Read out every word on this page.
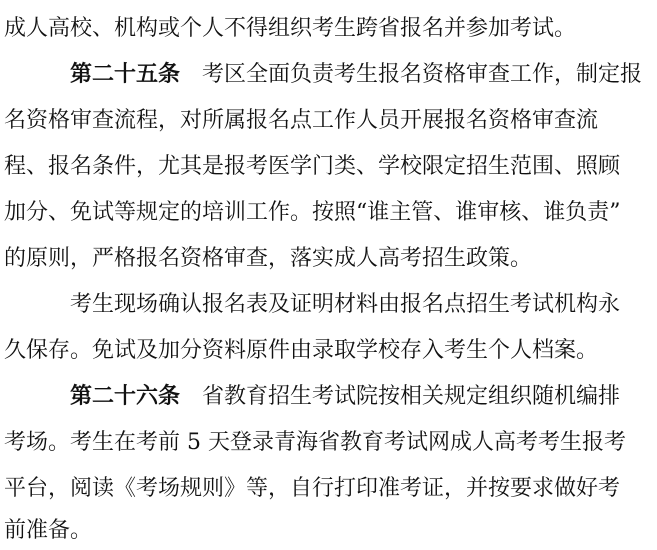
成人高校、机构或个人不得组织考生跨省报名并参加考试。
第二十五条 考区全面负责考生报名资格审查工作，制定报
名资格审查流程，对所属报名点工作人员开展报名资格审查流
程、报名条件，尤其是报考医学门类、学校限定招生范围、照顾
加分、免试等规定的培训工作。按照“谁主管、谁审核、谁负责”
的原则，严格报名资格审查，落实成人高考招生政策。
考生现场确认报名表及证明材料由报名点招生考试机构永
久保存。免试及加分资料原件由录取学校存入考生个人档案。
第二十六条 省教育招生考试院按相关规定组织随机编排
考场。考生在考前 5 天登录青海省教育考试网成人高考考生报考
平台，阅读《考场规则》等，自行打印准考证，并按要求做好考
前准备。
